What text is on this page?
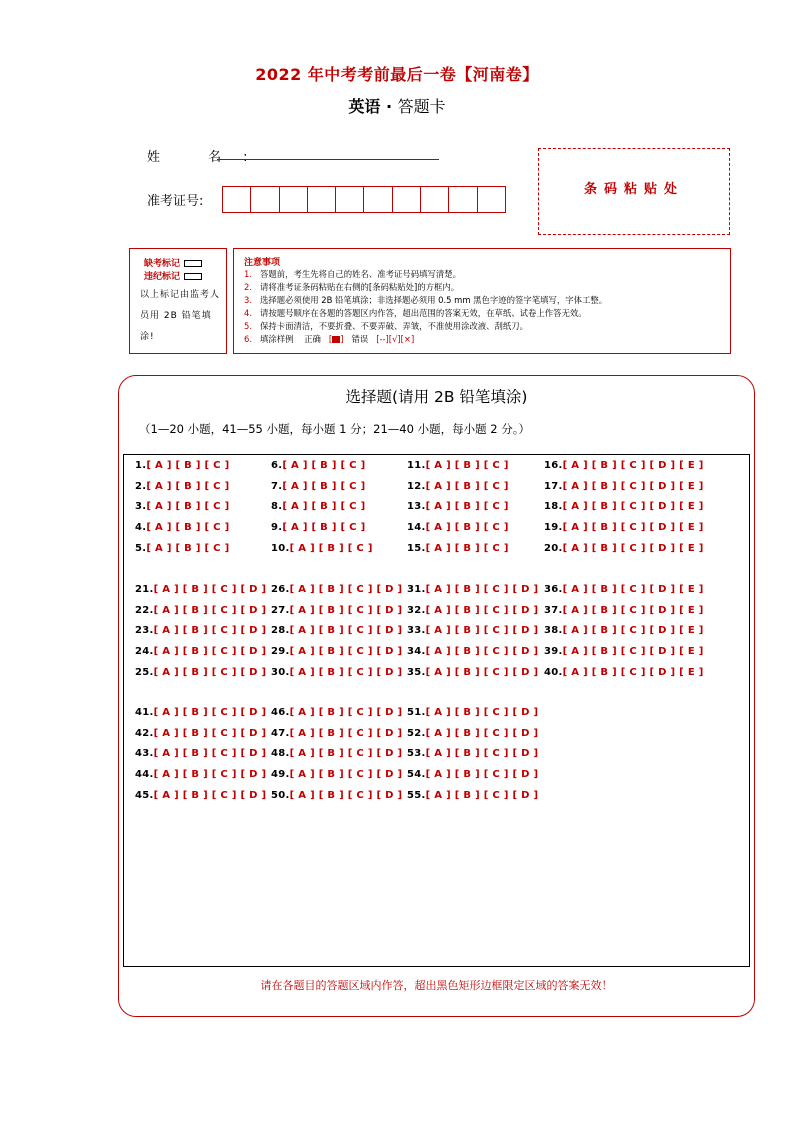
2022 年中考考前最后一卷【河南卷】
英语 · 答题卡
姓 名:
准考证号:
条码粘贴处
缺考标记
违纪标记
以上标记由监考人员用 2B 铅笔填涂!
注意事项
1. 答题前，考生先将自己的姓名、准考证号码填写清楚。
2. 请将准考证条码粘贴在右侧的[条码粘贴处]的方框内。
3. 选择题必须使用 2B 铅笔填涂；非选择题必须用 0.5 mm 黑色字迹的签字笔填写，字体工整。
4. 请按题号顺序在各题的答题区内作答，超出范围的答案无效，在草纸、试卷上作答无效。
5. 保持卡面清洁，不要折叠、不要弄破、弄皱，不准使用涂改液、刮纸刀。
6. 填涂样例 正确 [ ] 错误 [--][√][×]
选择题(请用 2B 铅笔填涂)
（1—20 小题，41—55 小题，每小题 1 分；21—40 小题，每小题 2 分。）
1.[ A ] [ B ] [ C ]
2.[ A ] [ B ] [ C ]
3.[ A ] [ B ] [ C ]
4.[ A ] [ B ] [ C ]
5.[ A ] [ B ] [ C ]
6.[ A ] [ B ] [ C ]
7.[ A ] [ B ] [ C ]
8.[ A ] [ B ] [ C ]
9.[ A ] [ B ] [ C ]
10.[ A ] [ B ] [ C ]
11.[ A ] [ B ] [ C ]
12.[ A ] [ B ] [ C ]
13.[ A ] [ B ] [ C ]
14.[ A ] [ B ] [ C ]
15.[ A ] [ B ] [ C ]
16.[ A ] [ B ] [ C ] [ D ] [ E ]
17.[ A ] [ B ] [ C ] [ D ] [ E ]
18.[ A ] [ B ] [ C ] [ D ] [ E ]
19.[ A ] [ B ] [ C ] [ D ] [ E ]
20.[ A ] [ B ] [ C ] [ D ] [ E ]
21.[ A ] [ B ] [ C ] [ D ]
22.[ A ] [ B ] [ C ] [ D ]
23.[ A ] [ B ] [ C ] [ D ]
24.[ A ] [ B ] [ C ] [ D ]
25.[ A ] [ B ] [ C ] [ D ]
26.[ A ] [ B ] [ C ] [ D ]
27.[ A ] [ B ] [ C ] [ D ]
28.[ A ] [ B ] [ C ] [ D ]
29.[ A ] [ B ] [ C ] [ D ]
30.[ A ] [ B ] [ C ] [ D ]
31.[ A ] [ B ] [ C ] [ D ]
32.[ A ] [ B ] [ C ] [ D ]
33.[ A ] [ B ] [ C ] [ D ]
34.[ A ] [ B ] [ C ] [ D ]
35.[ A ] [ B ] [ C ] [ D ]
36.[ A ] [ B ] [ C ] [ D ] [ E ]
37.[ A ] [ B ] [ C ] [ D ] [ E ]
38.[ A ] [ B ] [ C ] [ D ] [ E ]
39.[ A ] [ B ] [ C ] [ D ] [ E ]
40.[ A ] [ B ] [ C ] [ D ] [ E ]
41.[ A ] [ B ] [ C ] [ D ]
42.[ A ] [ B ] [ C ] [ D ]
43.[ A ] [ B ] [ C ] [ D ]
44.[ A ] [ B ] [ C ] [ D ]
45.[ A ] [ B ] [ C ] [ D ]
46.[ A ] [ B ] [ C ] [ D ]
47.[ A ] [ B ] [ C ] [ D ]
48.[ A ] [ B ] [ C ] [ D ]
49.[ A ] [ B ] [ C ] [ D ]
50.[ A ] [ B ] [ C ] [ D ]
51.[ A ] [ B ] [ C ] [ D ]
52.[ A ] [ B ] [ C ] [ D ]
53.[ A ] [ B ] [ C ] [ D ]
54.[ A ] [ B ] [ C ] [ D ]
55.[ A ] [ B ] [ C ] [ D ]
请在各题目的答题区域内作答，超出黑色矩形边框限定区域的答案无效！
